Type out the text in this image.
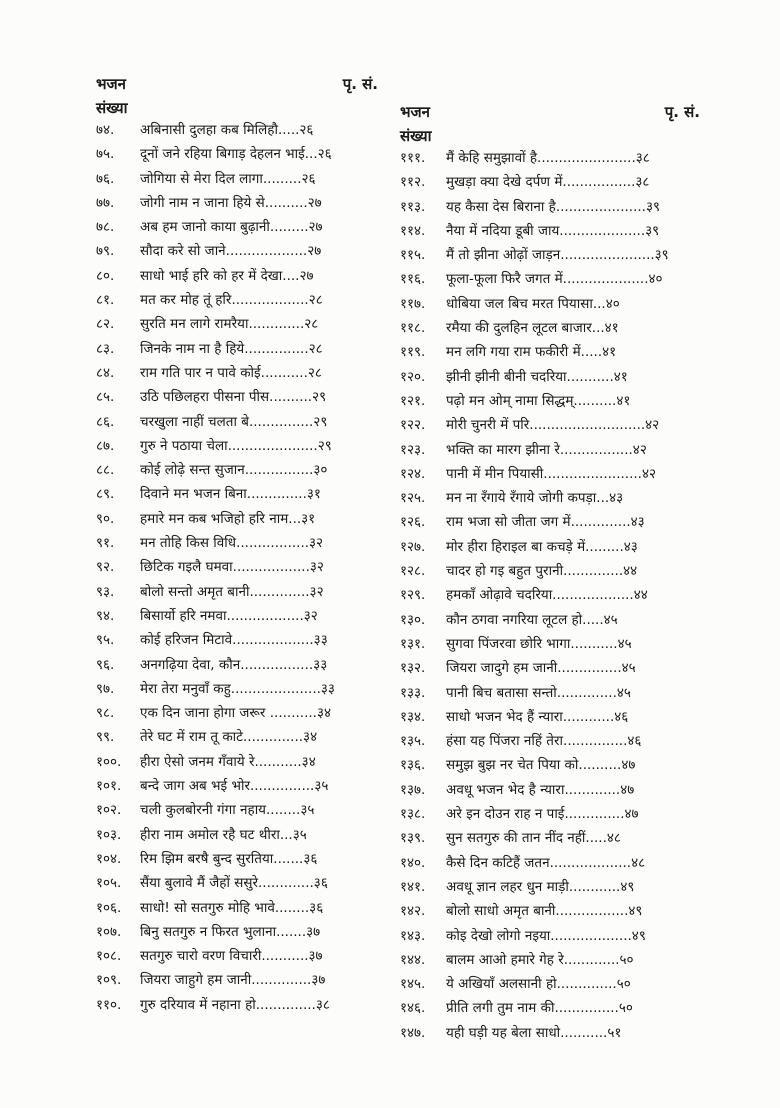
भजन
संख्या
पृ. सं.
७४. अबिनासी दुलहा कब मिलिहौ.....२६
७५. दूनों जने रहिया बिगाड़ देहलन भाई...२६
७६. जोगिया से मेरा दिल लागा.........२६
७७. जोगी नाम न जाना हिये से..........२७
७८. अब हम जानो काया बुढ़ानी.........२७
७९. सौदा करे सो जाने...................२७
८०. साधो भाई हरि को हर में देखा....२७
८१. मत कर मोह तूं हरि..................२८
८२. सुरति मन लागे रामरैया.............२८
८३. जिनके नाम ना है हिये...............२८
८४. राम गति पार न पावे कोई...........२८
८५. उठि पछिलहरा पीसना पीस..........२९
८६. चरखुला नाहीं चलता बे...............२९
८७. गुरु ने पठाया चेला.....................२९
८८. कोई लोढ़े सन्त सुजान................३०
८९. दिवाने मन भजन बिना..............३१
९०. हमारे मन कब भजिहो हरि नाम...३१
९१. मन तोहि किस विधि.................३२
९२. छिटिक गइलै घमवा..................३२
९३. बोलो सन्तो अमृत बानी..............३२
९४. बिसार्यो हरि नमवा..................३२
९५. कोई हरिजन मिटावे...................३३
९६. अनगढ़िया देवा, कौन.................३३
९७. मेरा तेरा मनुवाँ कहु.....................३३
९८. एक दिन जाना होगा जरूर ...........३४
९९. तेरे घट में राम तू काटे..............३४
१००. हीरा ऐसो जनम गँवाये रे...........३४
१०१. बन्दे जाग अब भई भोर...............३५
१०२. चली कुलबोरनी गंगा नहाय........३५
१०३. हीरा नाम अमोल रहै घट थीरा...३५
१०४. रिम झिम बरषै बुन्द सुरतिया.......३६
१०५. सैंया बुलावे मैं जैहों ससुरे.............३६
१०६. साधो! सो सतगुरु मोहि भावे........३६
१०७. बिनु सतगुरु न फिरत भुलाना.......३७
१०८. सतगुरु चारो वरण विचारी...........३७
१०९. जियरा जाहुगे हम जानी..............३७
११०. गुरु दरियाव में नहाना हो..............३८
भजन
संख्या
पृ. सं.
१११. मैं केहि समुझावों है.......................३८
११२. मुखड़ा क्या देखे दर्पण में.................३८
११३. यह कैसा देस बिराना है.....................३९
११४. नैया में नदिया डूबी जाय....................३९
११५. मैं तो झीना ओढ़ों जाड़न......................३९
११६. फूला-फूला फिरै जगत में....................४०
११७. धोबिया जल बिच मरत पियासा...४०
११८. रमैया की दुलहिन लूटल बाजार...४१
११९. मन लगि गया राम फकीरी में.....४१
१२०. झीनी झीनी बीनी चदरिया...........४१
१२१. पढ़ो मन ओम् नामा सिद्धम्..........४१
१२२. मोरी चुनरी में परि...........................४२
१२३. भक्ति का मारग झीना रे.................४२
१२४. पानी में मीन पियासी.......................४२
१२५. मन ना रँगाये रँगाये जोगी कपड़ा...४३
१२६. राम भजा सो जीता जग में..............४३
१२७. मोर हीरा हिराइल बा कचड़े में.........४३
१२८. चादर हो गइ बहुत पुरानी..............४४
१२९. हमकाँ ओढ़ावे चदरिया...................४४
१३०. कौन ठगवा नगरिया लूटल हो.....४५
१३१. सुगवा पिंजरवा छोरि भागा...........४५
१३२. जियरा जादुगे हम जानी...............४५
१३३. पानी बिच बतासा सन्तो..............४५
१३४. साधो भजन भेद हैं न्यारा............४६
१३५. हंसा यह पिंजरा नहिं तेरा...............४६
१३६. समुझ बुझ नर चेत पिया को..........४७
१३७. अवधू भजन भेद है न्यारा.............४७
१३८. अरे इन दोउन राह न पाई..............४७
१३९. सुन सतगुरु की तान नींद नहीं.....४८
१४०. कैसे दिन कटिहैं जतन...................४८
१४१. अवधू ज्ञान लहर धुन माड़ी............४९
१४२. बोलो साधो अमृत बानी.................४९
१४३. कोइ देखो लोगो नइया...................४९
१४४. बालम आओ हमारे गेह रे.............५०
१४५. ये अखियाँ अलसानी हो..............५०
१४६. प्रीति लगी तुम नाम की...............५०
१४७. यही घड़ी यह बेला साधो...........५१
